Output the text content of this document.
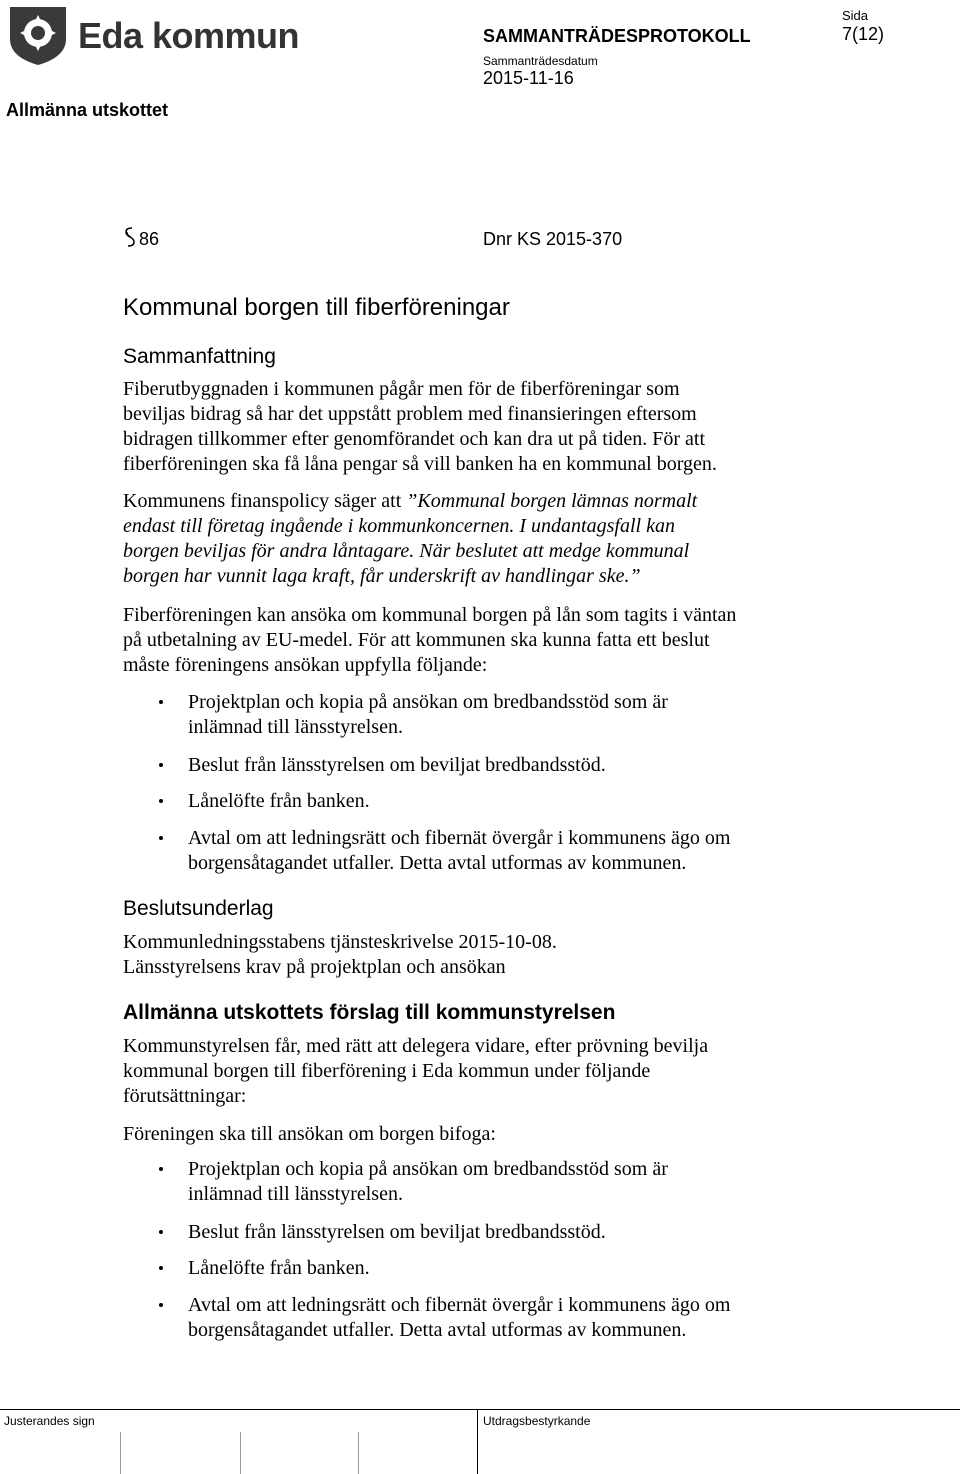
Eda kommun	SAMMANTRÄDESPROTOKOLL
Sammanträdesdatum
2015-11-16
Sida
7(12)
Allmänna utskottet
86	Dnr KS 2015-370
Kommunal borgen till fiberföreningar
Sammanfattning
Fiberutbyggnaden i kommunen pågår men för de fiberföreningar som
beviljas bidrag så har det uppstått problem med finansieringen eftersom
bidragen tillkommer efter genomförandet och kan dra ut på tiden. För att
fiberföreningen ska få låna pengar så vill banken ha en kommunal borgen.
Kommunens finanspolicy säger att ”Kommunal borgen lämnas normalt
endast till företag ingående i kommunkoncernen. I undantagsfall kan
borgen beviljas för andra låntagare. När beslutet att medge kommunal
borgen har vunnit laga kraft, får underskrift av handlingar ske.”
Fiberföreningen kan ansöka om kommunal borgen på lån som tagits i väntan
på utbetalning av EU-medel. För att kommunen ska kunna fatta ett beslut
måste föreningens ansökan uppfylla följande:
Projektplan och kopia på ansökan om bredbandsstöd som är
inlämnad till länsstyrelsen.
Beslut från länsstyrelsen om beviljat bredbandsstöd.
Lånelöfte från banken.
Avtal om att ledningsrätt och fibernät övergår i kommunens ägo om
borgensåtagandet utfaller. Detta avtal utformas av kommunen.
Beslutsunderlag
Kommunledningsstabens tjänsteskrivelse 2015-10-08.
Länsstyrelsens krav på projektplan och ansökan
Allmänna utskottets förslag till kommunstyrelsen
Kommunstyrelsen får, med rätt att delegera vidare, efter prövning bevilja
kommunal borgen till fiberförening i Eda kommun under följande
förutsättningar:
Föreningen ska till ansökan om borgen bifoga:
Projektplan och kopia på ansökan om bredbandsstöd som är
inlämnad till länsstyrelsen.
Beslut från länsstyrelsen om beviljat bredbandsstöd.
Lånelöfte från banken.
Avtal om att ledningsrätt och fibernät övergår i kommunens ägo om
borgensåtagandet utfaller. Detta avtal utformas av kommunen.
Justerandes sign	Utdragsbestyrkande
